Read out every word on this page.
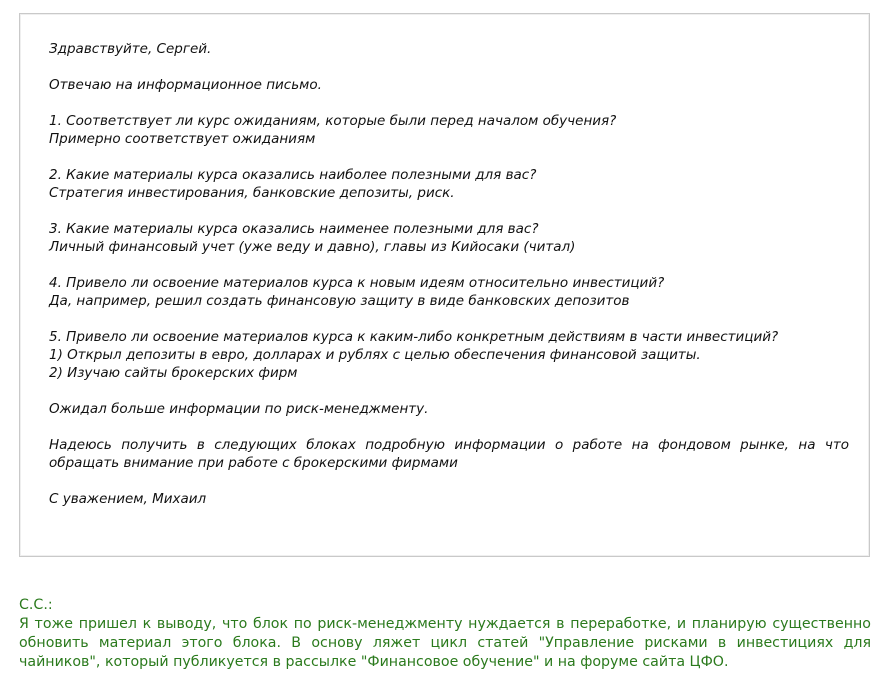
Здравствуйте, Сергей.

Отвечаю на информационное письмо.

1. Соответствует ли курс ожиданиям, которые были перед началом обучения?

Примерно соответствует ожиданиям

2. Какие материалы курса оказались наиболее полезными для вас?

Стратегия инвестирования, банковские депозиты, риск.

3. Какие материалы курса оказались наименее полезными для вас?

Личный финансовый учет (уже веду и давно), главы из Кийосаки (читал)

4. Привело ли освоение материалов курса к новым идеям относительно инвестиций?

Да, например, решил создать финансовую защиту в виде банковских депозитов

5. Привело ли освоение материалов курса к каким-либо конкретным действиям в части инвестиций?

1) Открыл депозиты в евро, долларах и рублях с целью обеспечения финансовой защиты.

2) Изучаю сайты брокерских фирм

Ожидал больше информации по риск-менеджменту.

Надеюсь получить в следующих блоках подробную информации о работе на фондовом рынке, на что обращать внимание при работе с брокерскими фирмами

С уважением, Михаил

С.С.:
Я тоже пришел к выводу, что блок по риск-менеджменту нуждается в переработке, и планирую существенно обновить материал этого блока. В основу ляжет цикл статей "Управление рисками в инвестициях для чайников", который публикуется в рассылке "Финансовое обучение" и на форуме сайта ЦФО.
